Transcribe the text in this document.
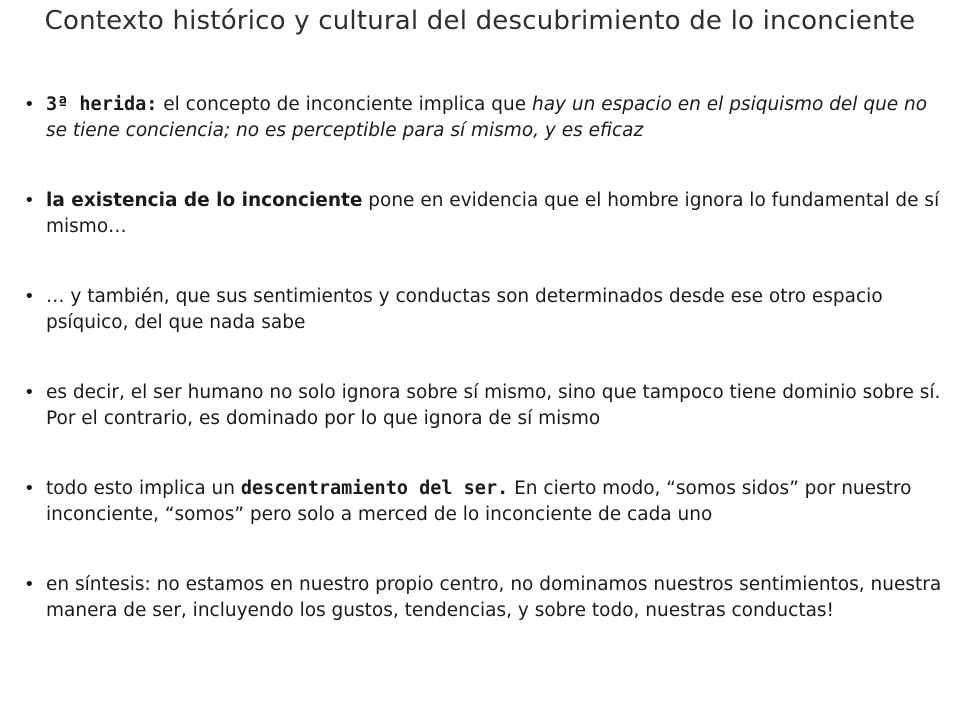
Contexto histórico y cultural del descubrimiento de lo inconciente
• 3ª herida: el concepto de inconciente implica que hay un espacio en el psiquismo del que no se tiene conciencia; no es perceptible para sí mismo, y es eficaz
• la existencia de lo inconciente pone en evidencia que el hombre ignora lo fundamental de sí mismo…
• … y también, que sus sentimientos y conductas son determinados desde ese otro espacio psíquico, del que nada sabe
• es decir, el ser humano no solo ignora sobre sí mismo, sino que tampoco tiene dominio sobre sí. Por el contrario, es dominado por lo que ignora de sí mismo
• todo esto implica un descentramiento del ser. En cierto modo, “somos sidos” por nuestro inconciente, “somos” pero solo a merced de lo inconciente de cada uno
• en síntesis: no estamos en nuestro propio centro, no dominamos nuestros sentimientos, nuestra manera de ser, incluyendo los gustos, tendencias, y sobre todo, nuestras conductas!
